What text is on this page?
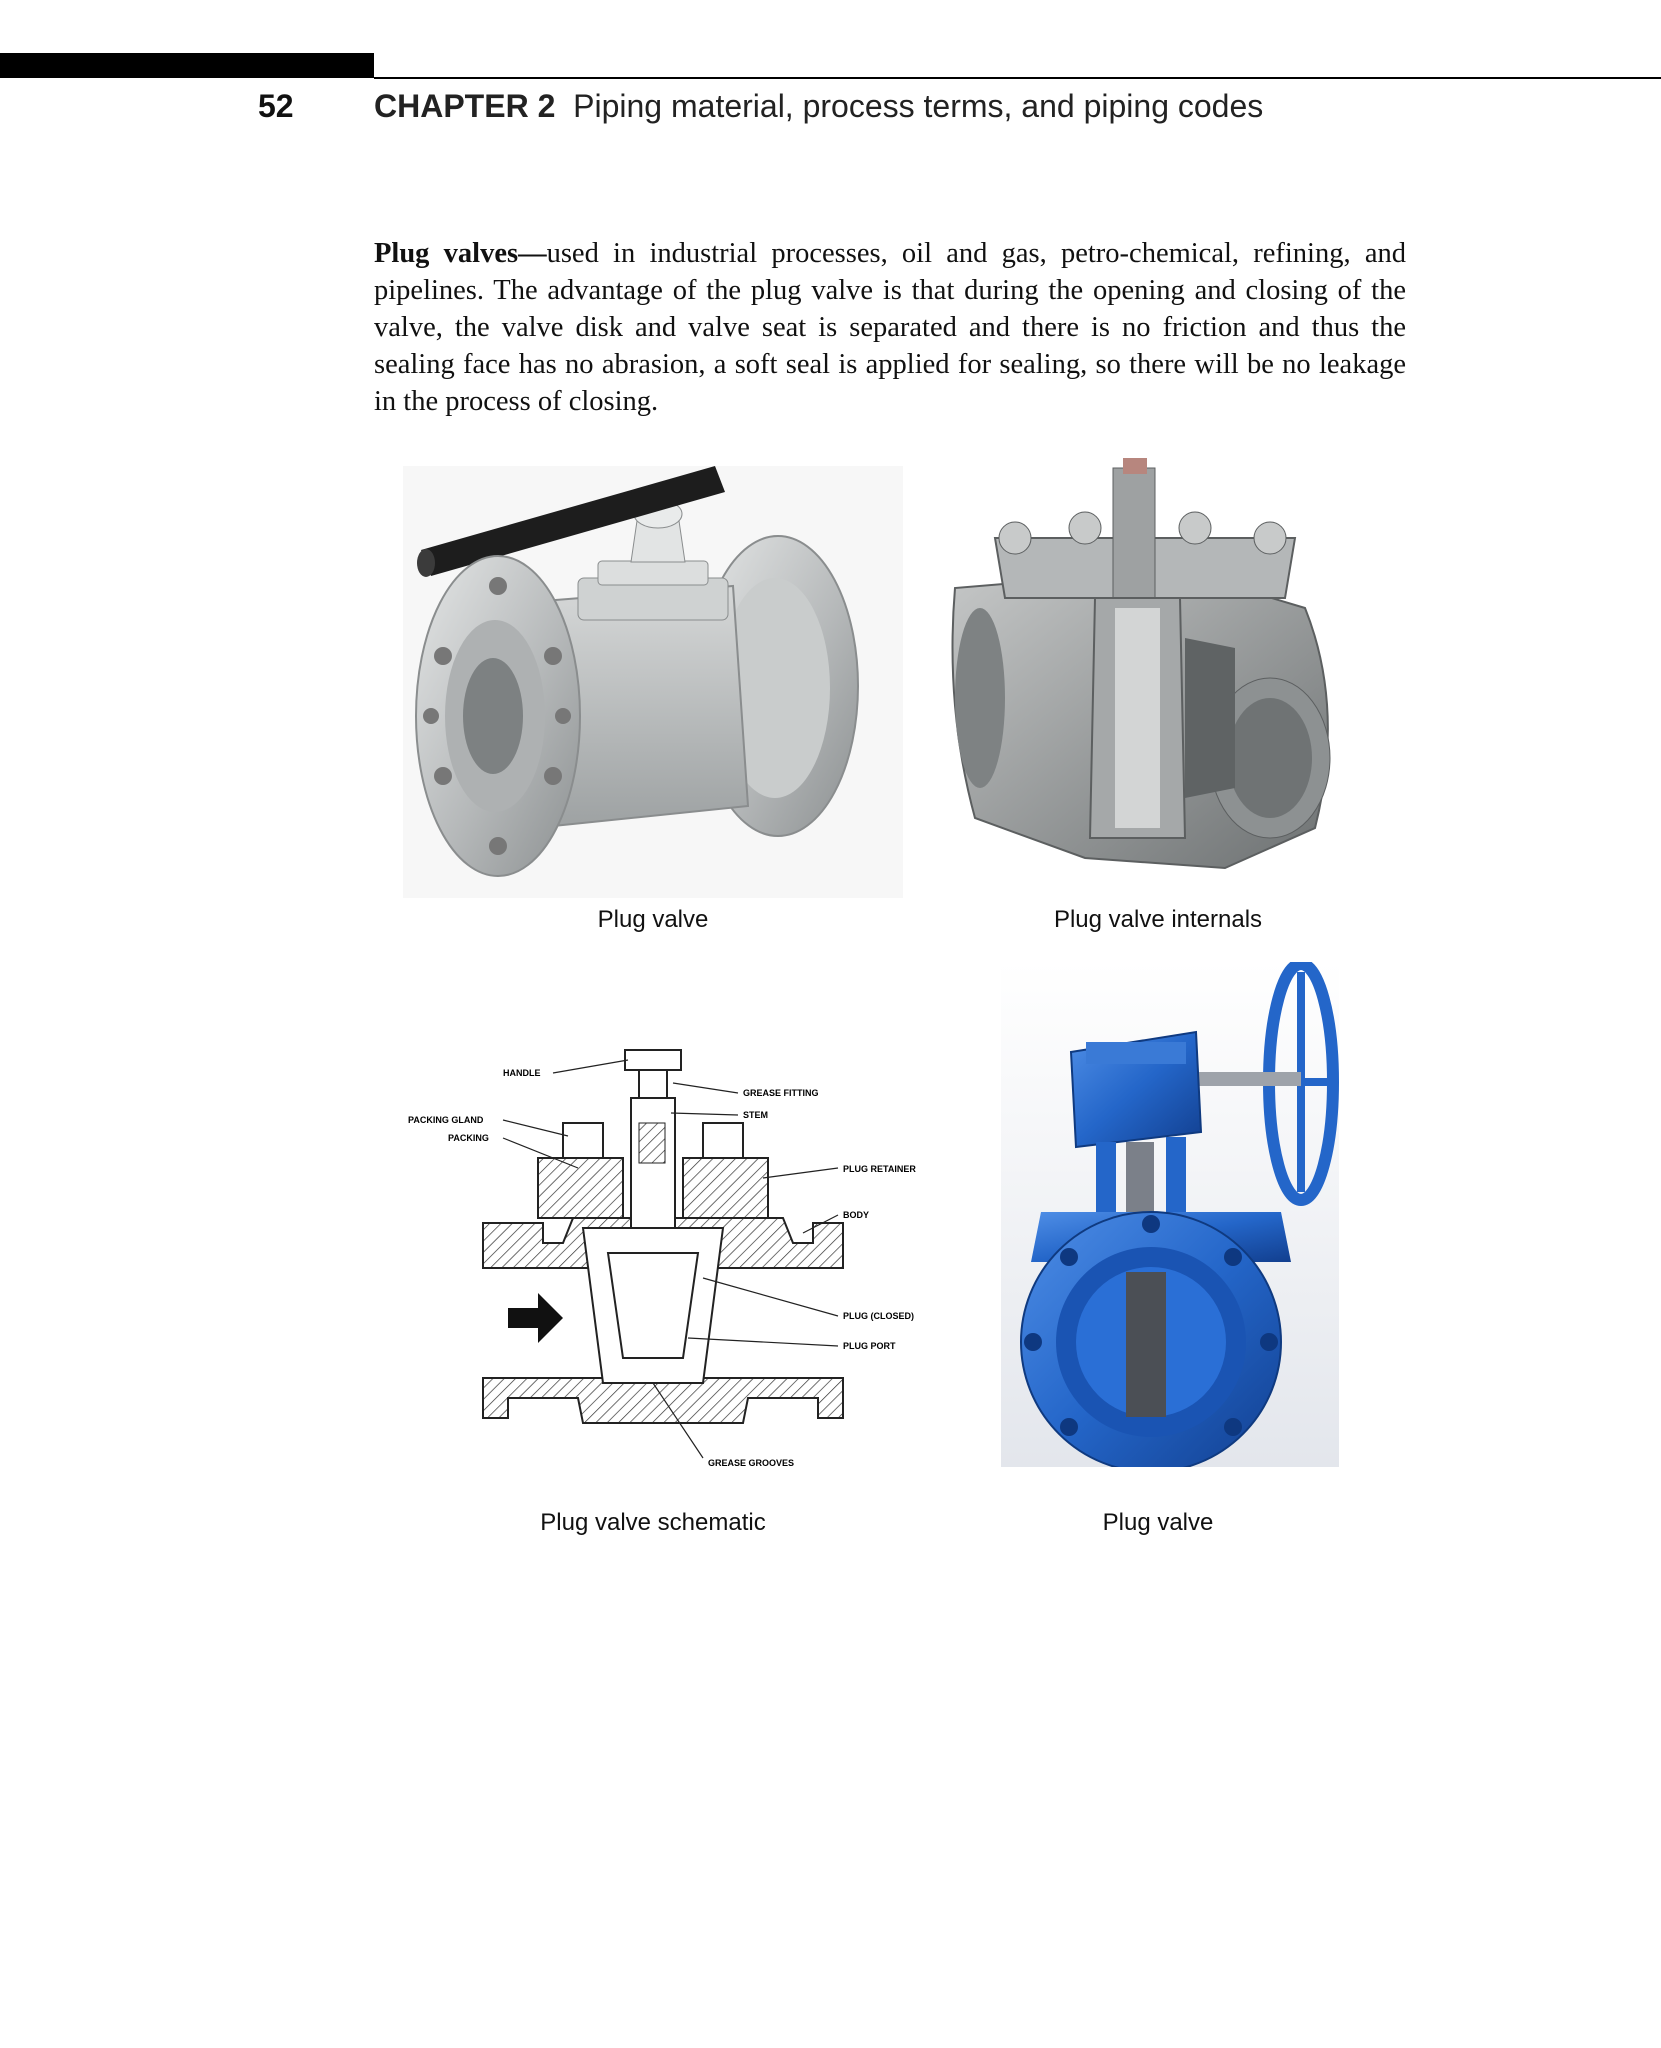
52	CHAPTER 2 Piping material, process terms, and piping codes
Plug valves—used in industrial processes, oil and gas, petro-chemical, refining, and pipelines. The advantage of the plug valve is that during the opening and closing of the valve, the valve disk and valve seat is separated and there is no friction and thus the sealing face has no abrasion, a soft seal is applied for sealing, so there will be no leakage in the process of closing.
Plug valve	Plug valve internals
HANDLE
GREASE FITTING
STEM
PACKING GLAND
PACKING
PLUG RETAINER
BODY
PLUG (CLOSED)
PLUG PORT
GREASE GROOVES
Plug valve schematic	Plug valve
